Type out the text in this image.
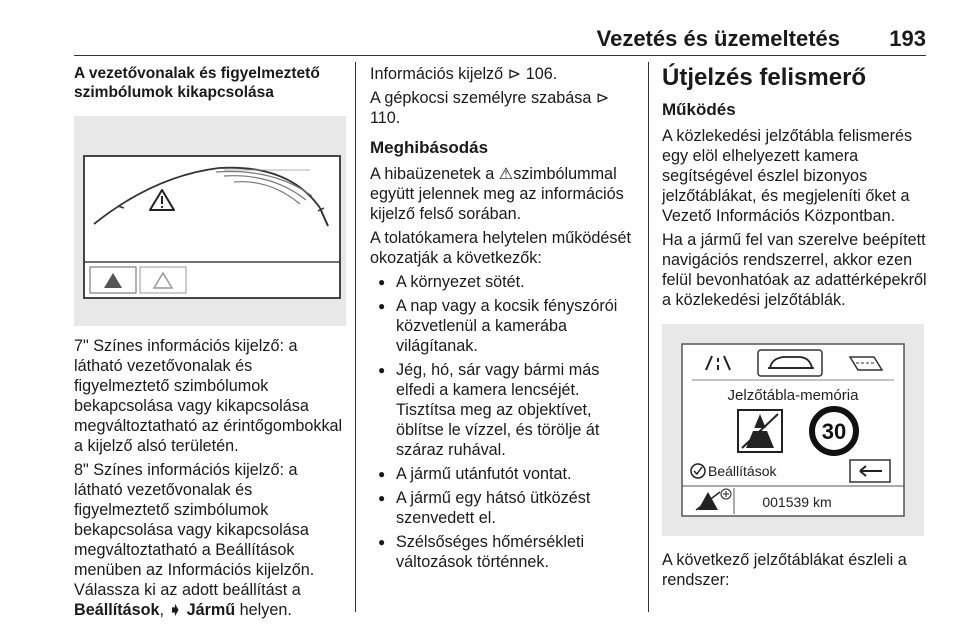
Vezetés és üzemeltetés 193
A vezetővonalak és figyelmeztető szimbólumok kikapcsolása

7" Színes információs kijelző: a látható vezetővonalak és figyelmeztető szimbólumok bekapcsolása vagy kikapcsolása megváltoztatható az érintőgombokkal a kijelző alsó területén.

8" Színes információs kijelző: a látható vezetővonalak és figyelmeztető szimbólumok bekapcsolása vagy kikapcsolása megváltoztatható a Beállítások menüben az Információs kijelzőn. Válassza ki az adott beállítást a Beállítások, ➧ Jármű helyen.

Információs kijelző ⊳ 106.

A gépkocsi személyre szabása ⊳ 110.

Meghibásodás

A hibaüzenetek a ⚠szimbólummal együtt jelennek meg az információs kijelző felső sorában.

A tolatókamera helytelen működését okozatják a következők:

● A környezet sötét.
● A nap vagy a kocsik fényszórói közvetlenül a kamerába világítanak.
● Jég, hó, sár vagy bármi más elfedi a kamera lencséjét. Tisztítsa meg az objektívet, öblítse le vízzel, és törölje át száraz ruhával.
● A jármű utánfutót vontat.
● A jármű egy hátsó ütközést szenvedett el.
● Szélsőséges hőmérsékleti változások történnek.
Útjelzés felismerő
Működés

A közlekedési jelzőtábla felismerés egy elöl elhelyezett kamera segítségével észlel bizonyos jelzőtáblákat, és megjeleníti őket a Vezető Információs Központban.

Ha a jármű fel van szerelve beépített navigációs rendszerrel, akkor ezen felül bevonhatóak az adattérképekről a közlekedési jelzőtáblák.

Jelzőtábla-memória
30
Beállítások
001539 km

A következő jelzőtáblákat észleli a rendszer:
